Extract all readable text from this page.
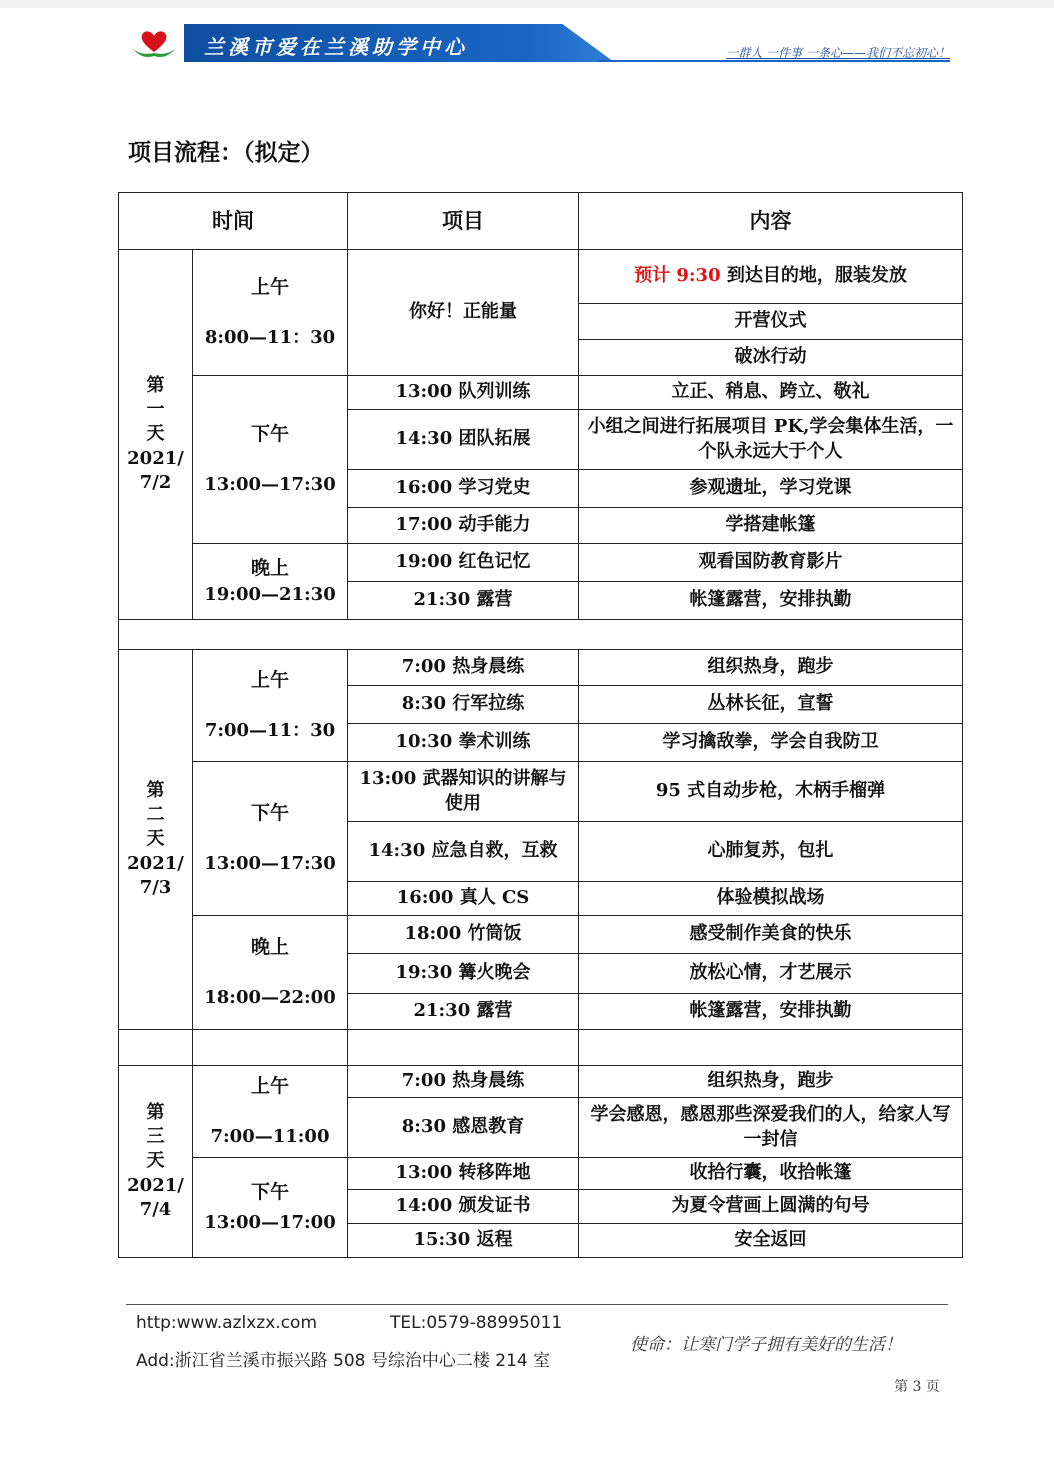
兰溪市爱在兰溪助学中心	一群人 一件事 一条心——我们不忘初心！
项目流程：（拟定）
时间		项目	内容

第
一
天
2021/
7/2	上午
8:00—11：30	你好！正能量	预计 9:30 到达目的地，服装发放
			开营仪式
			破冰行动

	下午
13:00—17:30	13:00 队列训练	立正、稍息、跨立、敬礼
		14:30 团队拓展	小组之间进行拓展项目 PK,学会集体生活，一个队永远大于个人
		16:00 学习党史	参观遗址，学习党课
		17:00 动手能力	学搭建帐篷

	晚上
19:00—21:30	19:00 红色记忆	观看国防教育影片
		21:30 露营	帐篷露营，安排执勤

第
二
天
2021/
7/3	上午
7:00—11：30	7:00 热身晨练	组织热身，跑步
		8:30 行军拉练	丛林长征，宣誓
		10:30 拳术训练	学习擒敌拳，学会自我防卫

	下午
13:00—17:30	13:00 武器知识的讲解与使用	95 式自动步枪，木柄手榴弹
		14:30 应急自救，互救	心肺复苏，包扎
		16:00 真人 CS	体验模拟战场

	晚上
18:00—22:00	18:00 竹筒饭	感受制作美食的快乐
		19:30 篝火晚会	放松心情，才艺展示
		21:30 露营	帐篷露营，安排执勤

第
三
天
2021/
7/4	上午
7:00—11:00	7:00 热身晨练	组织热身，跑步
		8:30 感恩教育	学会感恩，感恩那些深爱我们的人，给家人写一封信

	下午
13:00—17:00	13:00 转移阵地	收拾行囊，收拾帐篷
		14:00 颁发证书	为夏令营画上圆满的句号
		15:30 返程	安全返回
http:www.azlxzx.com	TEL:0579-88995011
Add:浙江省兰溪市振兴路 508 号综治中心二楼 214 室
使命：让寒门学子拥有美好的生活！
第 3 页
